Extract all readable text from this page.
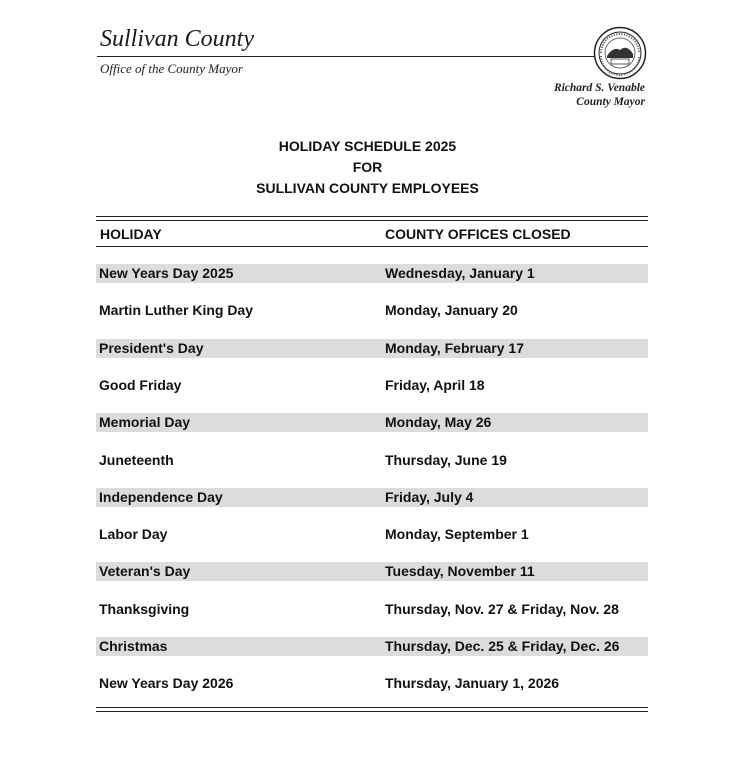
Sullivan County
Office of the County Mayor
Richard S. Venable
County Mayor
HOLIDAY SCHEDULE 2025
FOR
SULLIVAN COUNTY EMPLOYEES
HOLIDAY	COUNTY OFFICES CLOSED
New Years Day 2025	Wednesday, January 1
Martin Luther King Day	Monday, January 20
President's Day	Monday, February 17
Good Friday	Friday, April 18
Memorial Day	Monday, May 26
Juneteenth	Thursday, June 19
Independence Day	Friday, July 4
Labor Day	Monday, September 1
Veteran's Day	Tuesday, November 11
Thanksgiving	Thursday, Nov. 27 & Friday, Nov. 28
Christmas	Thursday, Dec. 25 & Friday, Dec. 26
New Years Day 2026	Thursday, January 1, 2026
